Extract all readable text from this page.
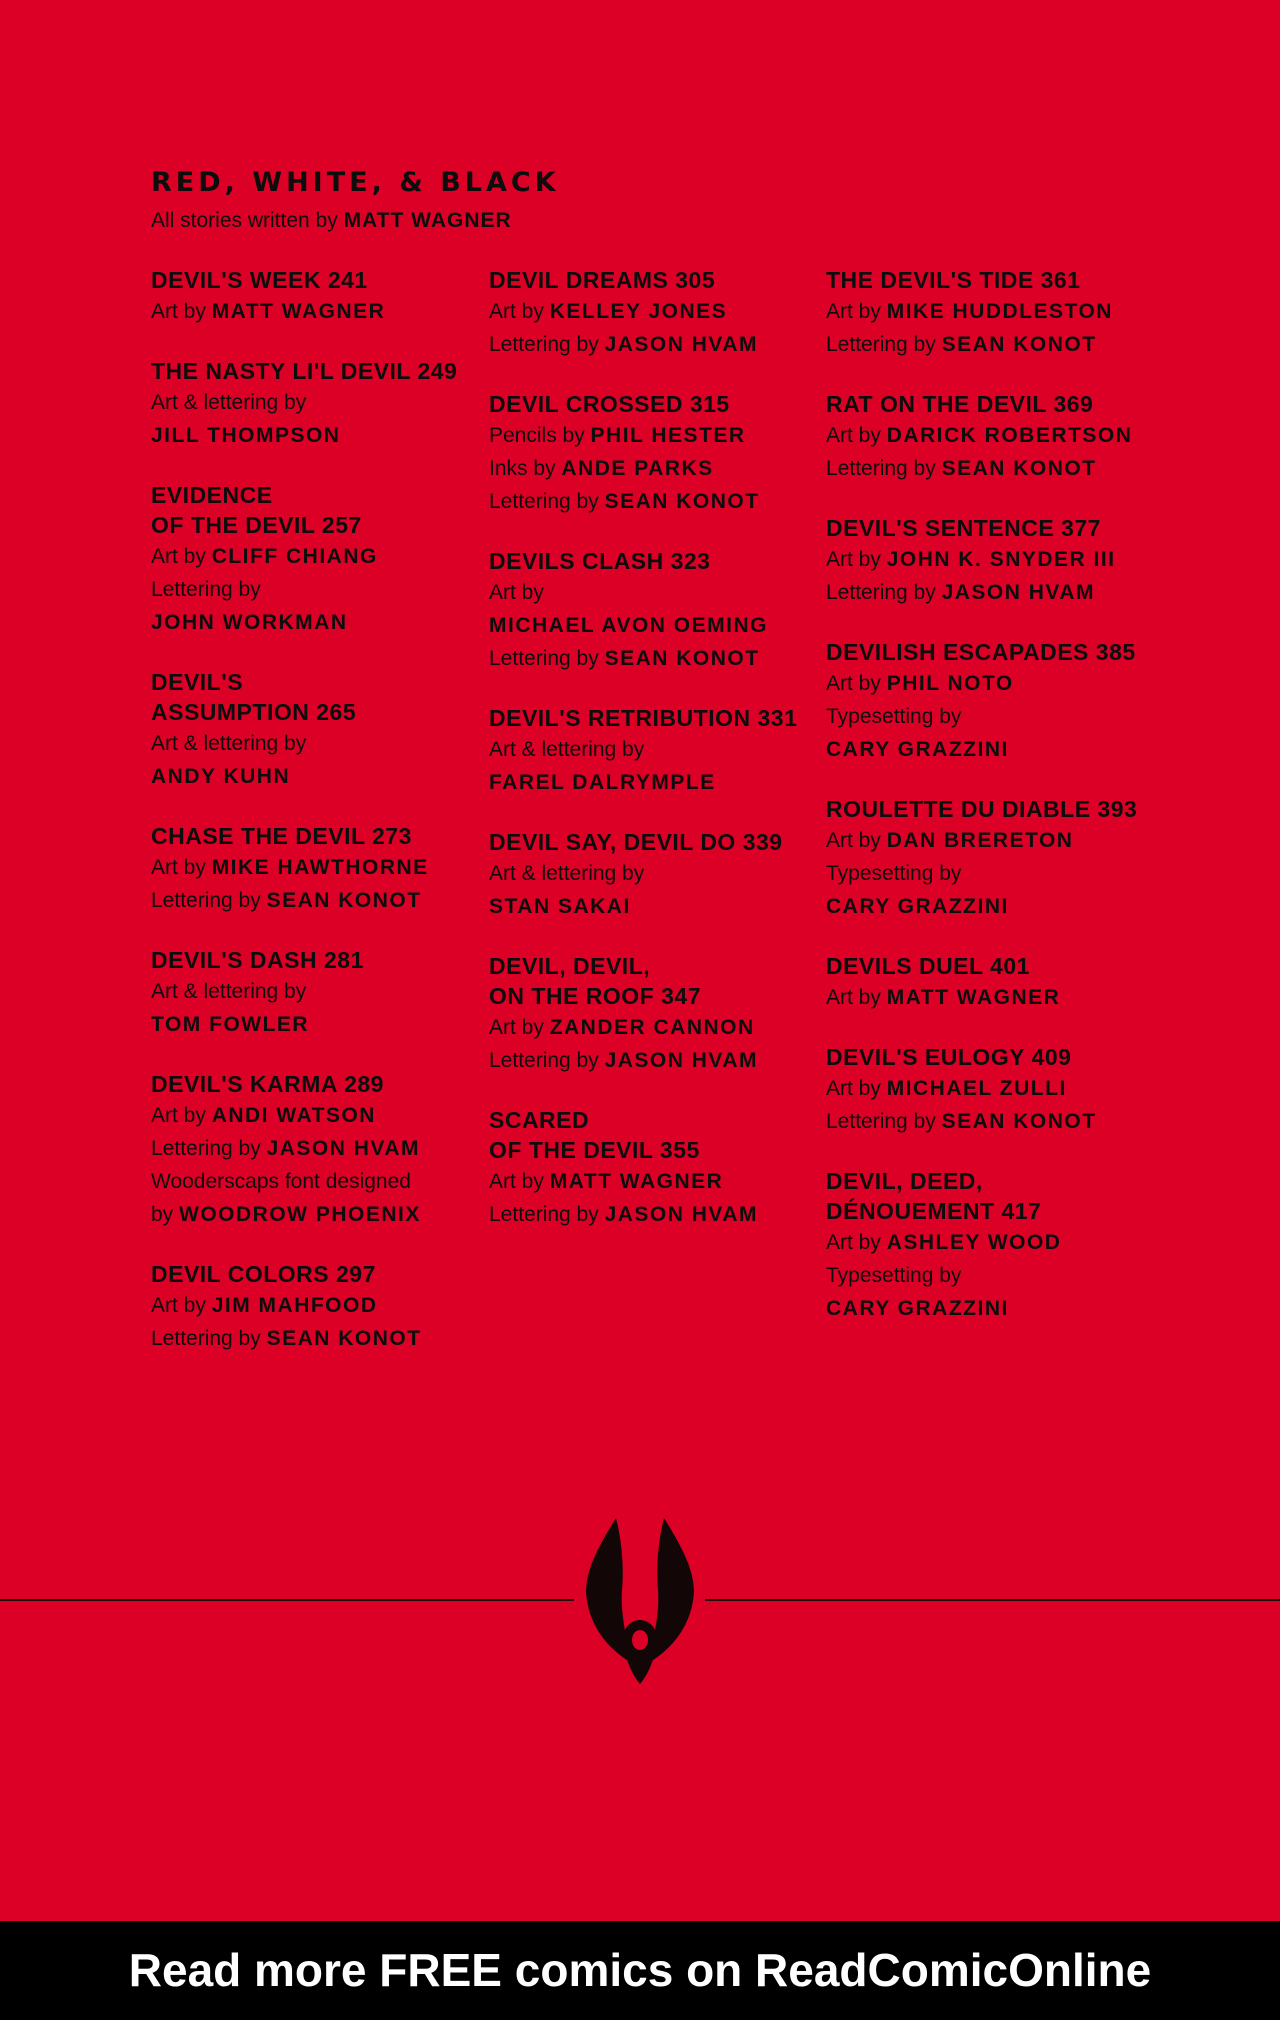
RED, WHITE, & BLACK
All stories written by MATT WAGNER
DEVIL'S WEEK 241
Art by MATT WAGNER
THE NASTY LI'L DEVIL 249
Art & lettering by
JILL THOMPSON
EVIDENCE
OF THE DEVIL 257
Art by CLIFF CHIANG
Lettering by
JOHN WORKMAN
DEVIL'S
ASSUMPTION 265
Art & lettering by
ANDY KUHN
CHASE THE DEVIL 273
Art by MIKE HAWTHORNE
Lettering by SEAN KONOT
DEVIL'S DASH 281
Art & lettering by
TOM FOWLER
DEVIL'S KARMA 289
Art by ANDI WATSON
Lettering by JASON HVAM
Wooderscaps font designed
by WOODROW PHOENIX
DEVIL COLORS 297
Art by JIM MAHFOOD
Lettering by SEAN KONOT
DEVIL DREAMS 305
Art by KELLEY JONES
Lettering by JASON HVAM
DEVIL CROSSED 315
Pencils by PHIL HESTER
Inks by ANDE PARKS
Lettering by SEAN KONOT
DEVILS CLASH 323
Art by
MICHAEL AVON OEMING
Lettering by SEAN KONOT
DEVIL'S RETRIBUTION 331
Art & lettering by
FAREL DALRYMPLE
DEVIL SAY, DEVIL DO 339
Art & lettering by
STAN SAKAI
DEVIL, DEVIL,
ON THE ROOF 347
Art by ZANDER CANNON
Lettering by JASON HVAM
SCARED
OF THE DEVIL 355
Art by MATT WAGNER
Lettering by JASON HVAM
THE DEVIL'S TIDE 361
Art by MIKE HUDDLESTON
Lettering by SEAN KONOT
RAT ON THE DEVIL 369
Art by DARICK ROBERTSON
Lettering by SEAN KONOT
DEVIL'S SENTENCE 377
Art by JOHN K. SNYDER III
Lettering by JASON HVAM
DEVILISH ESCAPADES 385
Art by PHIL NOTO
Typesetting by
CARY GRAZZINI
ROULETTE DU DIABLE 393
Art by DAN BRERETON
Typesetting by
CARY GRAZZINI
DEVILS DUEL 401
Art by MATT WAGNER
DEVIL'S EULOGY 409
Art by MICHAEL ZULLI
Lettering by SEAN KONOT
DEVIL, DEED,
DÉNOUEMENT 417
Art by ASHLEY WOOD
Typesetting by
CARY GRAZZINI
Read more FREE comics on ReadComicOnline
